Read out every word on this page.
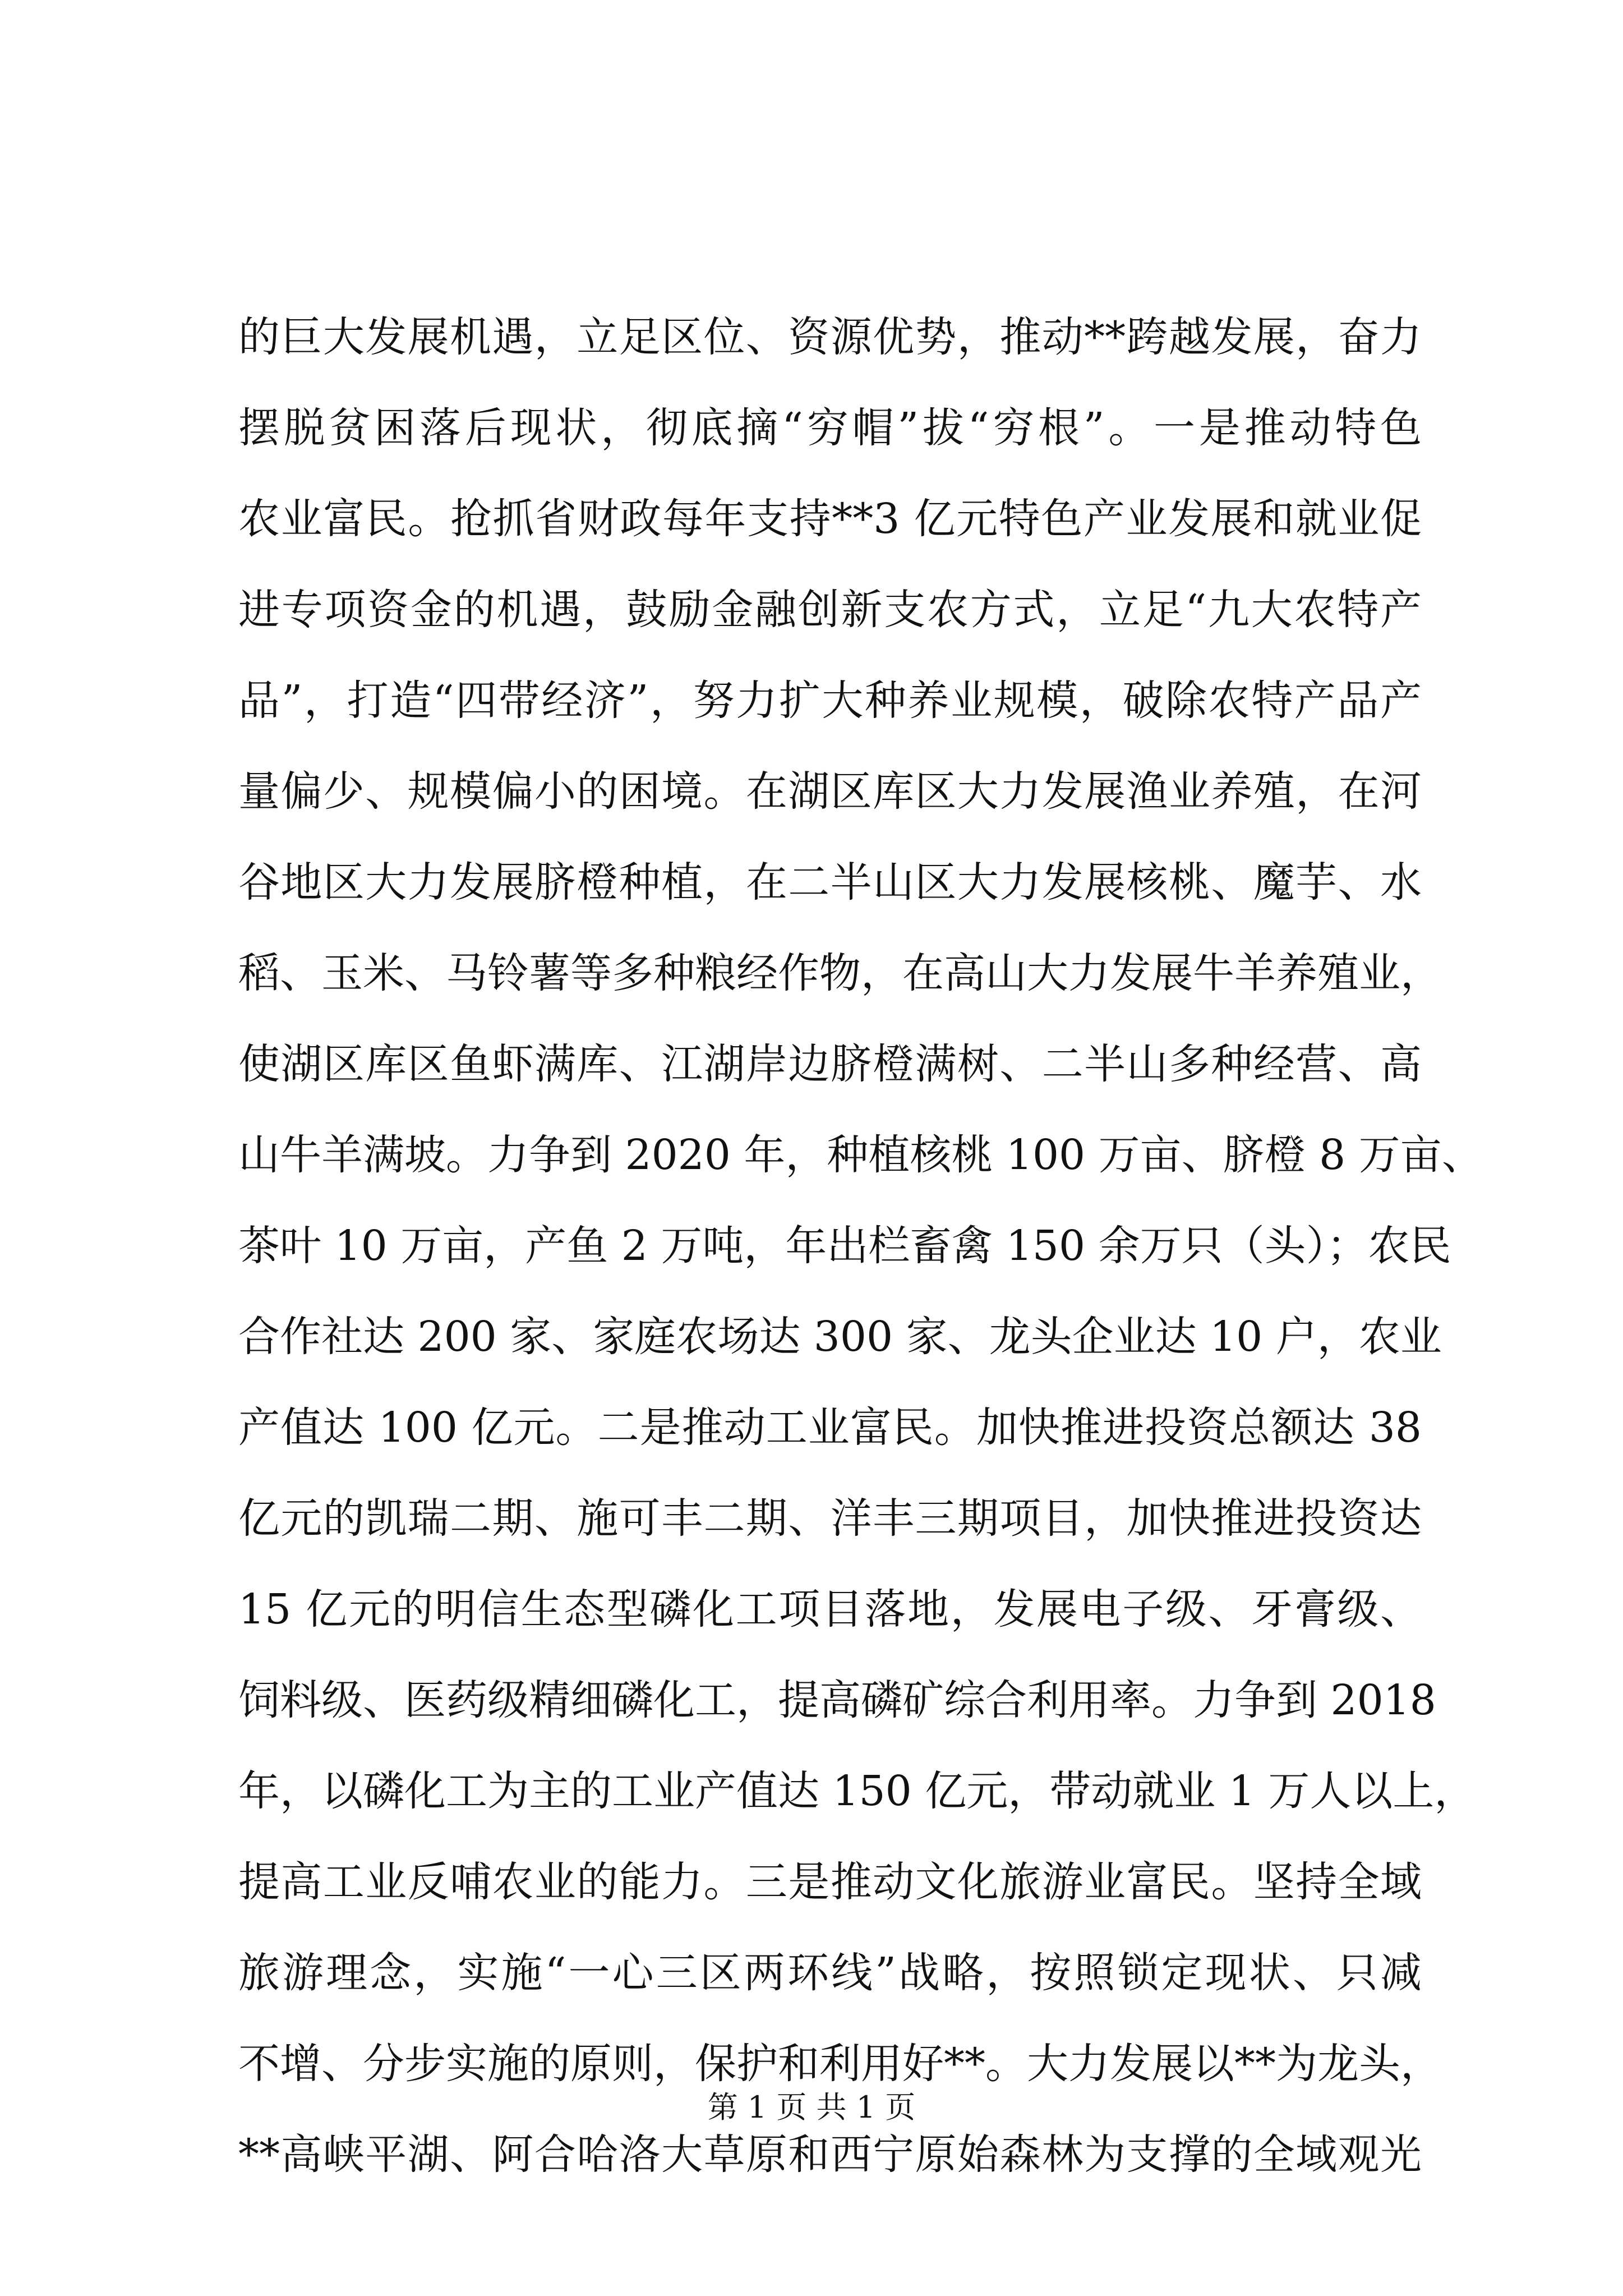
的巨大发展机遇，立足区位、资源优势，推动**跨越发展，奋力
摆脱贫困落后现状，彻底摘“穷帽”拔“穷根”。一是推动特色
农业富民。抢抓省财政每年支持**3 亿元特色产业发展和就业促
进专项资金的机遇，鼓励金融创新支农方式，立足“九大农特产
品”，打造“四带经济”，努力扩大种养业规模，破除农特产品产
量偏少、规模偏小的困境。在湖区库区大力发展渔业养殖，在河
谷地区大力发展脐橙种植，在二半山区大力发展核桃、魔芋、水
稻、玉米、马铃薯等多种粮经作物，在高山大力发展牛羊养殖业，
使湖区库区鱼虾满库、江湖岸边脐橙满树、二半山多种经营、高
山牛羊满坡。力争到 2020 年，种植核桃 100 万亩、脐橙 8 万亩、
茶叶 10 万亩，产鱼 2 万吨，年出栏畜禽 150 余万只（头）；农民
合作社达 200 家、家庭农场达 300 家、龙头企业达 10 户，农业
产值达 100 亿元。二是推动工业富民。加快推进投资总额达 38
亿元的凯瑞二期、施可丰二期、洋丰三期项目，加快推进投资达
15 亿元的明信生态型磷化工项目落地，发展电子级、牙膏级、
饲料级、医药级精细磷化工，提高磷矿综合利用率。力争到 2018
年，以磷化工为主的工业产值达 150 亿元，带动就业 1 万人以上，
提高工业反哺农业的能力。三是推动文化旅游业富民。坚持全域
旅游理念，实施“一心三区两环线”战略，按照锁定现状、只减
不增、分步实施的原则，保护和利用好**。大力发展以**为龙头，
**高峡平湖、阿合哈洛大草原和西宁原始森林为支撑的全域观光
第 1 页 共 1 页
